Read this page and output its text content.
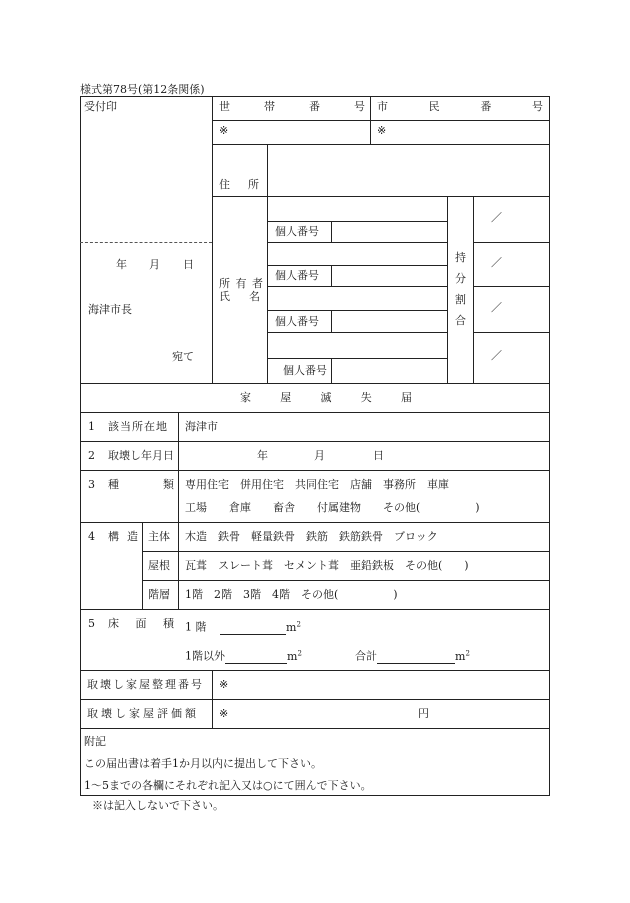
様式第78号(第12条関係)
受付印
年 月 日
海津市長
宛て
世	帯	番	号 市	民	番	号
※	※
住 所
所 有 者
氏    名
持
分
割
合
個人番号
／
個人番号
／
個人番号
／
個人番号
／
家	屋	滅	失	届
1 該当所在地 海津市
2 取壊し年月日	年	月	日
3 種	類 専用住宅　併用住宅　共同住宅　店舗　事務所　車庫
工場　　倉庫　　畜舎　　付属建物　　その他(　　　　　)
4 構 造 主体 木造　鉄骨　軽量鉄骨　鉄筋　鉄筋鉄骨　ブロック
屋根 瓦葺　スレート葺　セメント葺　亜鉛鉄板　その他(　　)
階層 1階　2階　3階　4階　その他(　　　　　)
5 床 面 積 1 階	$m^2$
1階以外	$m^2$	合計	$m^2$
取壊し家屋整理番号 ※
取壊し家屋評価額 ※	円
附記
この届出書は着手1か月以内に提出して下さい。
1～5までの各欄にそれぞれ記入又は○にて囲んで下さい。
※は記入しないで下さい。
